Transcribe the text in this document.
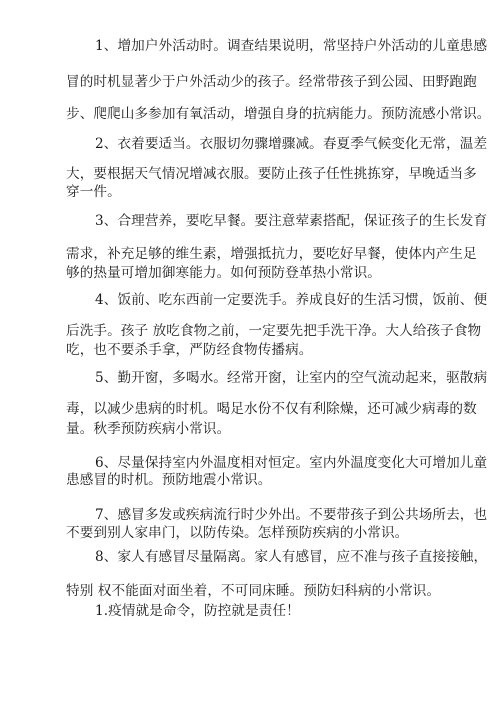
1、增加户外活动时。调查结果说明，常坚持户外活动的儿童患感
冒的时机显著少于户外活动少的孩子。经常带孩子到公园、田野跑跑
步、爬爬山多参加有氧活动，增强自身的抗病能力。预防流感小常识。
2、衣着要适当。衣服切勿骤增骤减。春夏季气候变化无常，温差
大，要根据天气情况增减衣服。要防止孩子任性挑拣穿，早晚适当多
穿一件。
3、合理营养，要吃早餐。要注意荤素搭配，保证孩子的生长发育
需求，补充足够的维生素，增强抵抗力，要吃好早餐，使体内产生足
够的热量可增加御寒能力。如何预防登革热小常识。
4、饭前、吃东西前一定要洗手。养成良好的生活习惯，饭前、便
后洗手。孩子 放吃食物之前，一定要先把手洗干净。大人给孩子食物
吃，也不要杀手拿，严防经食物传播病。
5、勤开窗，多喝水。经常开窗，让室内的空气流动起来，驱散病
毒，以减少患病的时机。喝足水份不仅有利除燥，还可减少病毒的数
量。秋季预防疾病小常识。
6、尽量保持室内外温度相对恒定。室内外温度变化大可增加儿童
患感冒的时机。预防地震小常识。
7、感冒多发或疾病流行时少外出。不要带孩子到公共场所去，也
不要到别人家串门，以防传染。怎样预防疾病的小常识。
8、家人有感冒尽量隔离。家人有感冒，应不准与孩子直接接触，
特别 权不能面对面坐着，不可同床睡。预防妇科病的小常识。
1.疫情就是命令，防控就是责任！
